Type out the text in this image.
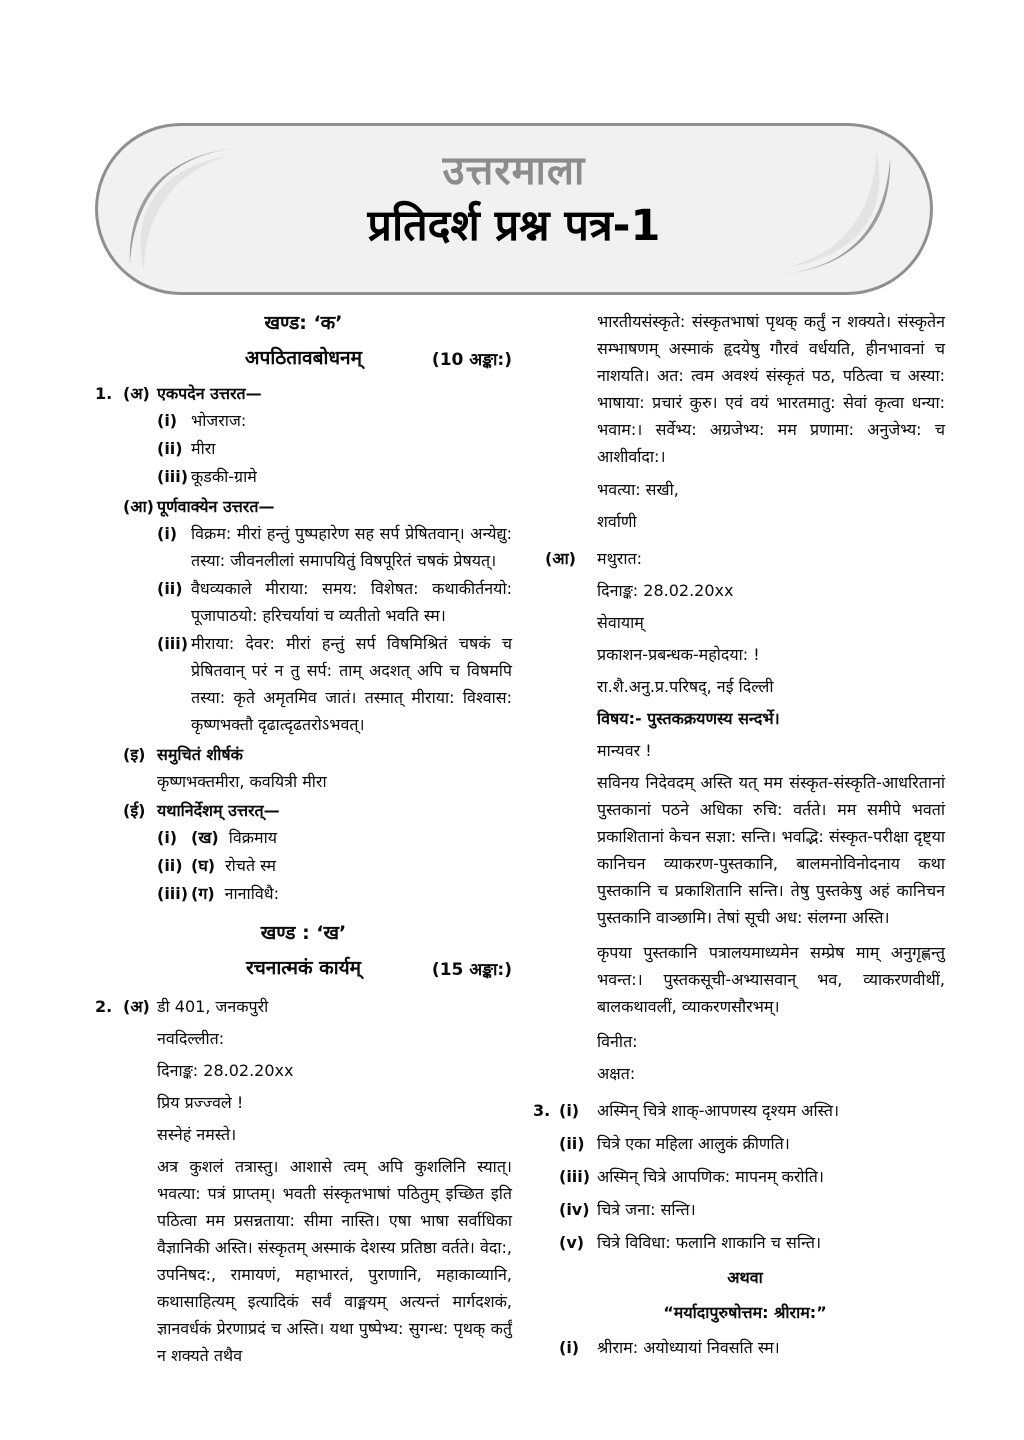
उत्तरमाला
प्रतिदर्श प्रश्न पत्र-1
खण्ड: ‘क’
अपठितावबोधनम्	(10 अङ्का:)
1. (अ) एकपदेन उत्तरत—
(i) भोजराज:
(ii) मीरा
(iii) कूडकी-ग्रामे
(आ) पूर्णवाक्येन उत्तरत—
(i) विक्रम: मीरां हन्तुं पुष्पहारेण सह सर्प प्रेषितवान्। अन्येद्यु: तस्या: जीवनलीलां समापयितुं विषपूरितं चषकं प्रेषयत्।
(ii) वैधव्यकाले मीराया: समय: विशेषत: कथाकीर्तनयो: पूजापाठयो: हरिचर्यायां च व्यतीतो भवति स्म।
(iii) मीराया: देवर: मीरां हन्तुं सर्प विषमिश्रितं चषकं च प्रेषितवान् परं न तु सर्प: ताम् अदशत् अपि च विषमपि तस्या: कृते अमृतमिव जातं। तस्मात् मीराया: विश्वास: कृष्णभक्तौ दृढात्दृढतरोऽभवत्।
(इ) समुचितं शीर्षकं
कृष्णभक्तमीरा, कवयित्री मीरा
(ई) यथानिर्देशम् उत्तरत्—
(i) (ख) विक्रमाय
(ii) (घ) रोचते स्म
(iii) (ग) नानाविधै:
खण्ड : ‘ख’
रचनात्मकं कार्यम्	(15 अङ्का:)
2. (अ) डी 401, जनकपुरी
नवदिल्लीत:
दिनाङ्क: 28.02.20xx
प्रिय प्रज्ज्वले !
सस्नेहं नमस्ते।
अत्र कुशलं तत्रास्तु। आशासे त्वम् अपि कुशलिनि स्यात्। भवत्या: पत्रं प्राप्तम्। भवती संस्कृतभाषां पठितुम् इच्छित इति पठित्वा मम प्रसन्नताया: सीमा नास्ति। एषा भाषा सर्वाधिका वैज्ञानिकी अस्ति। संस्कृतम् अस्माकं देशस्य प्रतिष्ठा वर्तते। वेदा:, उपनिषद:, रामायणं, महाभारतं, पुराणानि, महाकाव्यानि, कथासाहित्यम् इत्यादिकं सर्वं वाङ्मयम् अत्यन्तं मार्गदशकं, ज्ञानवर्धकं प्रेरणाप्रदं च अस्ति। यथा पुष्पेभ्य: सुगन्ध: पृथक् कर्तुं न शक्यते तथैव
भारतीयसंस्कृते: संस्कृतभाषां पृथक् कर्तुं न शक्यते। संस्कृतेन सम्भाषणम् अस्माकं हृदयेषु गौरवं वर्धयति, हीनभावनां च नाशयति। अत: त्वम अवश्यं संस्कृतं पठ, पठित्वा च अस्या: भाषाया: प्रचारं कुरु। एवं वयं भारतमातु: सेवां कृत्वा धन्या: भवाम:। सर्वेभ्य: अग्रजेभ्य: मम प्रणामा: अनुजेभ्य: च आशीर्वादा:।
भवत्या: सखी,
शर्वाणी
(आ)	मथुरात:
दिनाङ्क: 28.02.20xx
सेवायाम्
प्रकाशन-प्रबन्धक-महोदया: !
रा.शै.अनु.प्र.परिषद्, नई दिल्ली
विषय:- पुस्तकक्रयणस्य सन्दर्भे।
मान्यवर !
सविनय निदेवदम् अस्ति यत् मम संस्कृत-संस्कृति-आधरितानां पुस्तकानां पठने अधिका रुचि: वर्तते। मम समीपे भवतां प्रकाशितानां केचन सज्ञा: सन्ति। भवद्भि: संस्कृत-परीक्षा दृष्ट्या कानिचन व्याकरण-पुस्तकानि, बालमनोविनोदनाय कथा पुस्तकानि च प्रकाशितानि सन्ति। तेषु पुस्तकेषु अहं कानिचन पुस्तकानि वाञ्छामि। तेषां सूची अध: संलग्ना अस्ति।
कृपया पुस्तकानि पत्रालयमाध्यमेन सम्प्रेष माम् अनुगृह्णन्तु भवन्त:। पुस्तकसूची-अभ्यासवान् भव, व्याकरणवीथीं, बालकथावलीं, व्याकरणसौरभम्।
विनीत:
अक्षत:
3. (i)	अस्मिन् चित्रे शाक्-आपणस्य दृश्यम अस्ति।
(ii) चित्रे एका महिला आलुकं क्रीणति।
(iii) अस्मिन् चित्रे आपणिक: मापनम् करोति।
(iv) चित्रे जना: सन्ति।
(v) चित्रे विविधा: फलानि शाकानि च सन्ति।
अथवा
“मर्यादापुरुषोत्तम: श्रीराम:”
(i)	श्रीराम: अयोध्यायां निवसति स्म।
